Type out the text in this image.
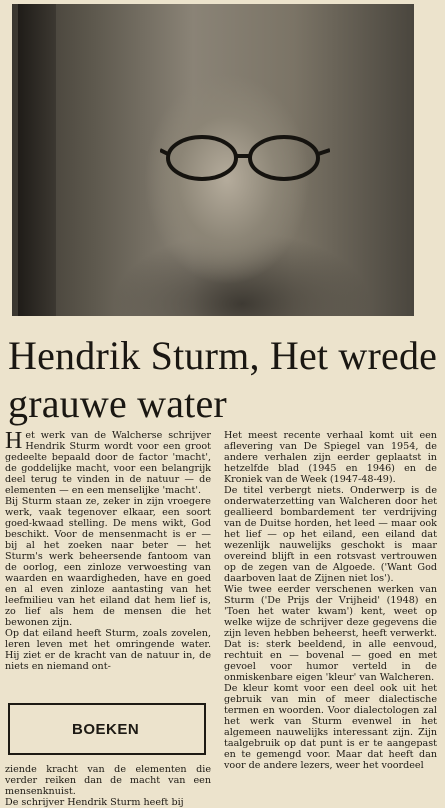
Hendrik Sturm, Het wrede grauwe water

Het werk van de Walcherse schrijver Hendrik Sturm wordt voor een groot gedeelte bepaald door de factor 'macht', de goddelijke macht, voor een belangrijk deel terug te vinden in de natuur — de elementen — en een menselijke 'macht'.

Bij Sturm staan ze, zeker in zijn vroegere werk, vaak tegenover elkaar, een soort goed-kwaad stelling. De mens wikt, God beschikt. Voor de mensenmacht is er — bij al het zoeken naar beter — het Sturm's werk beheersende fantoom van de oorlog, een zinloze verwoesting van waarden en waardigheden, have en goed en al even zinloze aantasting van het leefmilieu van het eiland dat hem lief is, zo lief als hem de mensen die het bewonen zijn.

Op dat eiland heeft Sturm, zoals zovelen, leren leven met het omringende water. Hij ziet er de kracht van de natuur in, de niets en niemand ont-

BOEKEN

ziende kracht van de elementen die verder reiken dan de macht van een mensenknuist.

De schrijver Hendrik Sturm heeft bij

Het meest recente verhaal komt uit een aflevering van De Spiegel van 1954, de andere verhalen zijn eerder geplaatst in hetzelfde blad (1945 en 1946) en de Kroniek van de Week (1947-48-49).

De titel verbergt niets. Onderwerp is de onderwaterzetting van Walcheren door het geallieerd bombardement ter verdrijving van de Duitse horden, het leed — maar ook het lief — op het eiland, een eiland dat wezenlijk nauwelijks geschokt is maar overeind blijft in een rotsvast vertrouwen op de zegen van de Algoede. ('Want God daarboven laat de Zijnen niet los').

Wie twee eerder verschenen werken van Sturm ('De Prijs der Vrijheid' (1948) en 'Toen het water kwam') kent, weet op welke wijze de schrijver deze gegevens die zijn leven hebben beheerst, heeft verwerkt. Dat is: sterk beeldend, in alle eenvoud, rechtuit en — bovenal — goed en met gevoel voor humor verteld in de onmiskenbare eigen 'kleur' van Walcheren.

De kleur komt voor een deel ook uit het gebruik van min of meer dialectische termen en woorden. Voor dialectologen zal het werk van Sturm evenwel in het algemeen nauwelijks interessant zijn. Zijn taalgebruik op dat punt is er te aangepast en te gemengd voor. Maar dat heeft dan voor de andere lezers, weer het voordeel
